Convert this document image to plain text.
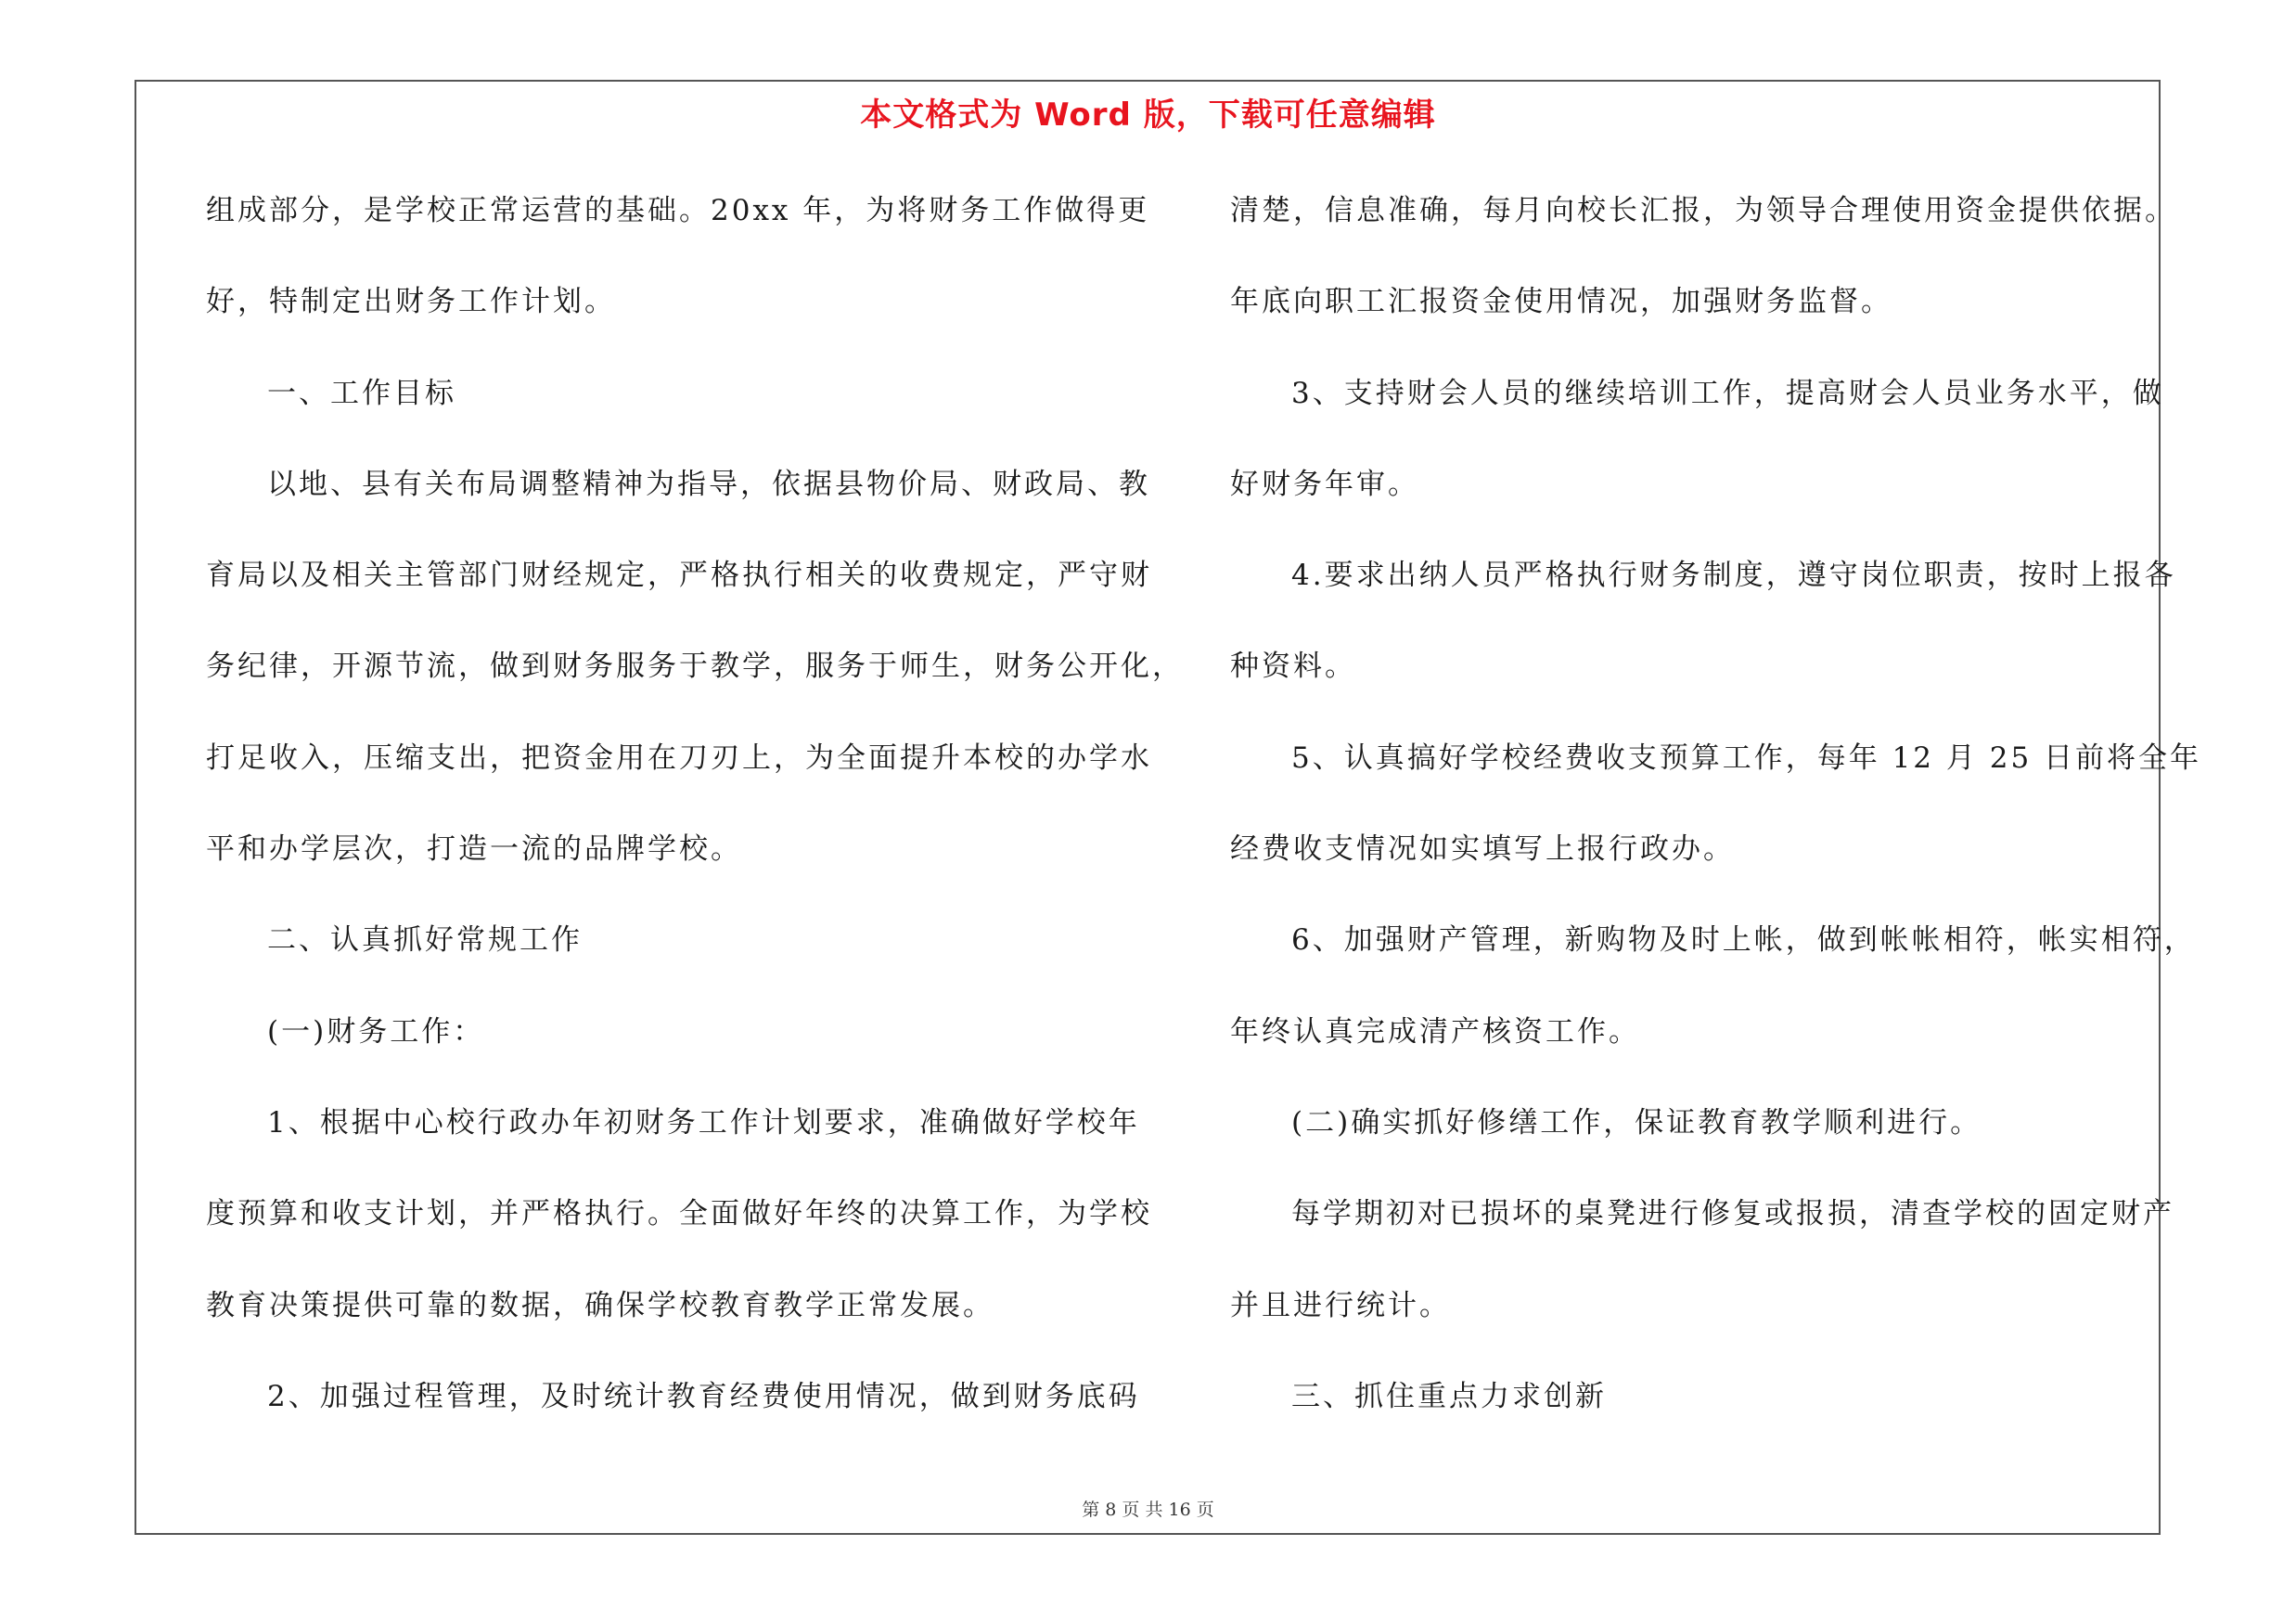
本文格式为 Word 版，下载可任意编辑
组成部分，是学校正常运营的基础。20xx 年，为将财务工作做得更
好，特制定出财务工作计划。
一、工作目标
以地、县有关布局调整精神为指导，依据县物价局、财政局、教
育局以及相关主管部门财经规定，严格执行相关的收费规定，严守财
务纪律，开源节流，做到财务服务于教学，服务于师生，财务公开化，
打足收入，压缩支出，把资金用在刀刃上，为全面提升本校的办学水
平和办学层次，打造一流的品牌学校。
二、认真抓好常规工作
(一)财务工作：
1、根据中心校行政办年初财务工作计划要求，准确做好学校年
度预算和收支计划，并严格执行。全面做好年终的决算工作，为学校
教育决策提供可靠的数据，确保学校教育教学正常发展。
2、加强过程管理，及时统计教育经费使用情况，做到财务底码
清楚，信息准确，每月向校长汇报，为领导合理使用资金提供依据。
年底向职工汇报资金使用情况，加强财务监督。
3、支持财会人员的继续培训工作，提高财会人员业务水平，做
好财务年审。
4.要求出纳人员严格执行财务制度，遵守岗位职责，按时上报各
种资料。
5、认真搞好学校经费收支预算工作，每年 12 月 25 日前将全年
经费收支情况如实填写上报行政办。
6、加强财产管理，新购物及时上帐，做到帐帐相符，帐实相符，
年终认真完成清产核资工作。
(二)确实抓好修缮工作，保证教育教学顺利进行。
每学期初对已损坏的桌凳进行修复或报损，清查学校的固定财产
并且进行统计。
三、抓住重点力求创新
第 8 页 共 16 页
